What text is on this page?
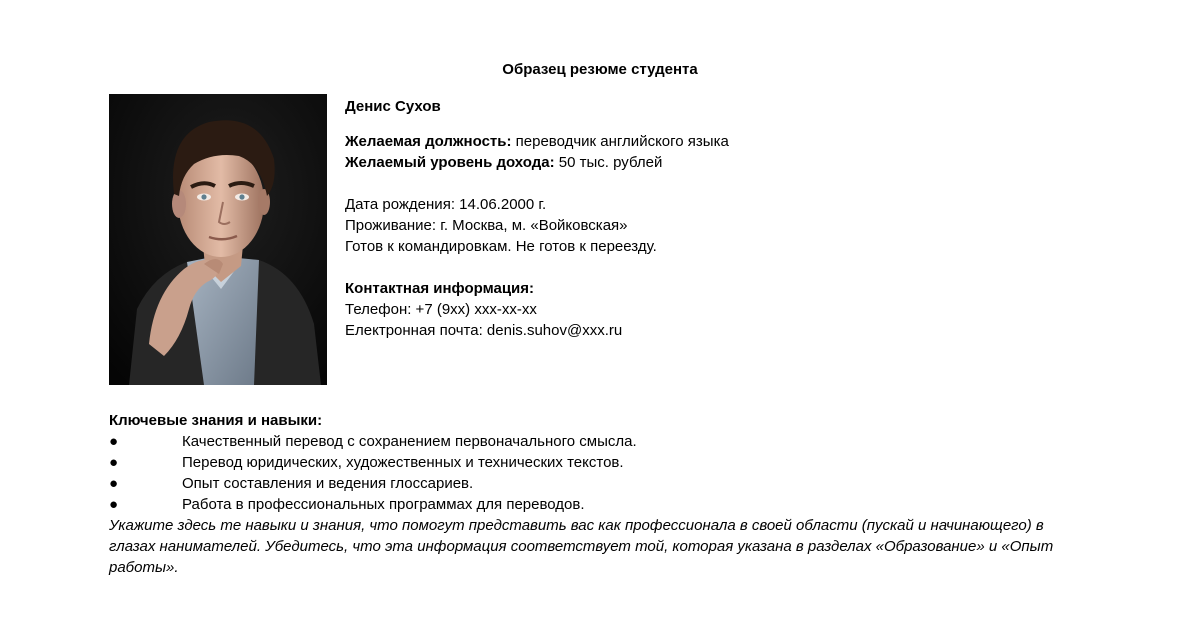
Образец резюме студента
Денис Сухов
Желаемая должность: переводчик английского языка
Желаемый уровень дохода: 50 тыс. рублей
Дата рождения: 14.06.2000 г.
Проживание: г. Москва, м. «Войковская»
Готов к командировкам. Не готов к переезду.
Контактная информация:
Телефон: +7 (9хх) ххх-хх-хх
Електронная почта: denis.suhov@xxx.ru
Ключевые знания и навыки:
●	Качественный перевод с сохранением первоначального смысла.
●	Перевод юридических, художественных и технических текстов.
●	Опыт составления и ведения глоссариев.
●	Работа в профессиональных программах для переводов.
Укажите здесь те навыки и знания, что помогут представить вас как профессионала в своей области (пускай и начинающего) в
глазах нанимателей. Убедитесь, что эта информация соответствует той, которая указана в разделах «Образование» и «Опыт
работы».
